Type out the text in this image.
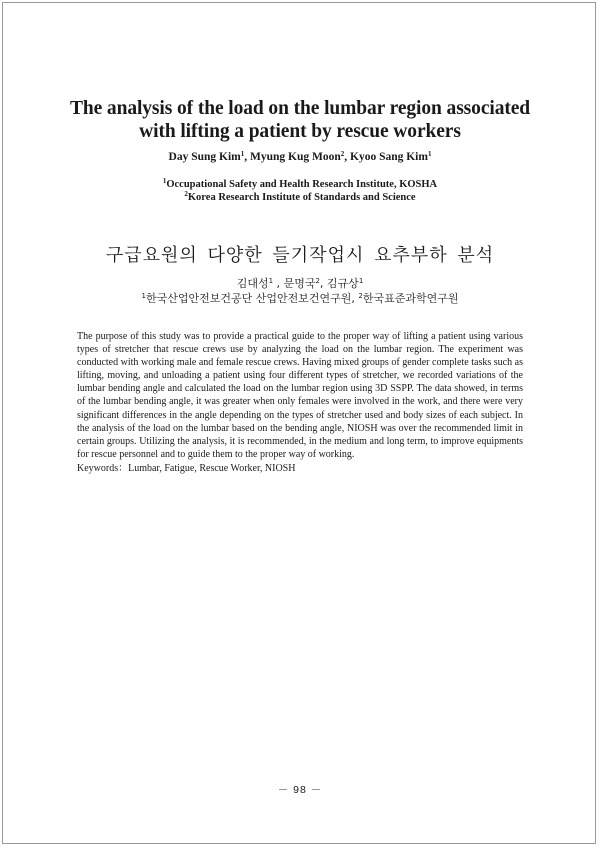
The analysis of the load on the lumbar region associated
with lifting a patient by rescue workers
Day Sung Kim$^1$, Myung Kug Moon$^2$, Kyoo Sang Kim$^1$
$^1$Occupational Safety and Health Research Institute, KOSHA
$^2$Korea Research Institute of Standards and Science
구급요원의 다양한 들기작업시 요추부하 분석
김대성$^1$ , 문명국$^2$, 김규상$^1$
$^1$한국산업안전보건공단 산업안전보건연구원, $^2$한국표준과학연구원
The purpose of this study was to provide a practical guide to the proper way of lifting a patient using various types of stretcher that rescue crews use by analyzing the load on the lumbar region. The experiment was conducted with working male and female rescue crews. Having mixed groups of gender complete tasks such as lifting, moving, and unloading a patient using four different types of stretcher, we recorded variations of the lumbar bending angle and calculated the load on the lumbar region using 3D SSPP. The data showed, in terms of the lumbar bending angle, it was greater when only females were involved in the work, and there were very significant differences in the angle depending on the types of stretcher used and body sizes of each subject. In the analysis of the load on the lumbar based on the bending angle, NIOSH was over the recommended limit in certain groups. Utilizing the analysis, it is recommended, in the medium and long term, to improve equipments for rescue personnel and to guide them to the proper way of working.
Keywords：Lumbar, Fatigue, Rescue Worker, NIOSH
－ 98 －
